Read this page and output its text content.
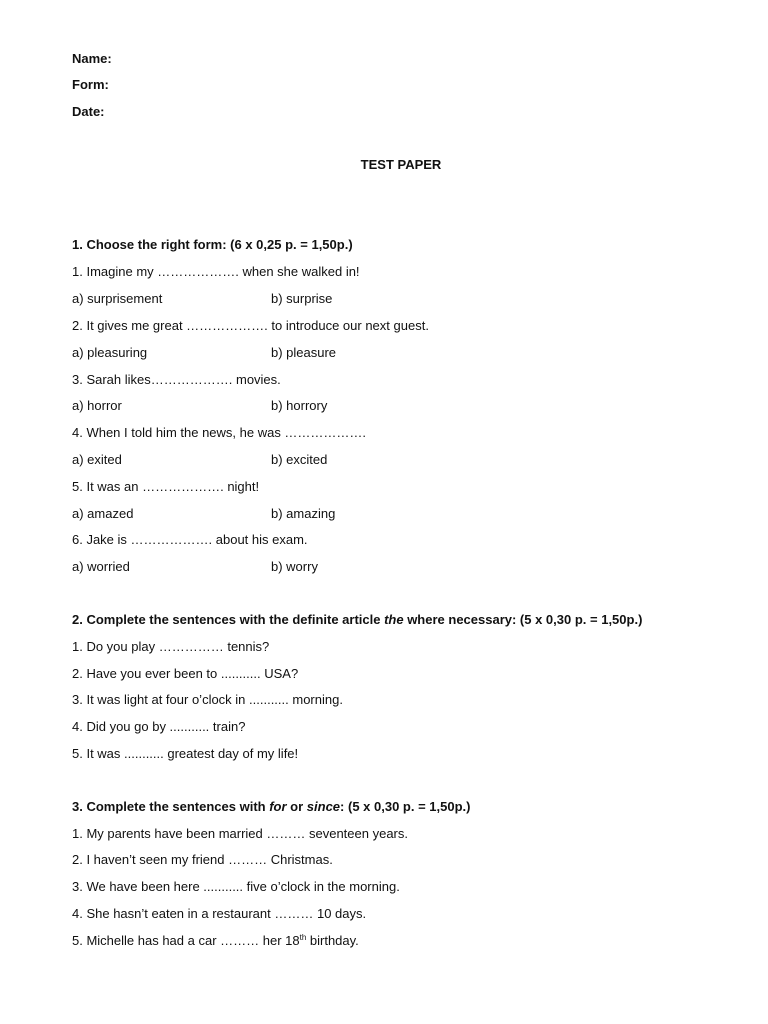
Name:
Form:
Date:
TEST PAPER
1. Choose the right form: (6 x 0,25 p. = 1,50p.)
1. Imagine my ………………. when she walked in!
a) surprisement	b) surprise
2. It gives me great ………………. to introduce our next guest.
a) pleasuring	b) pleasure
3. Sarah likes………………. movies.
a) horror	b) horrory
4. When I told him the news, he was ……………….
a) exited	b) excited
5. It was an ………………. night!
a) amazed	b) amazing
6. Jake is ………………. about his exam.
a) worried	b) worry
2. Complete the sentences with the definite article the where necessary: (5 x 0,30 p. = 1,50p.)
1. Do you play …………… tennis?
2. Have you ever been to ........... USA?
3. It was light at four o’clock in ........... morning.
4. Did you go by ........... train?
5. It was ........... greatest day of my life!
3. Complete the sentences with for or since: (5 x 0,30 p. = 1,50p.)
1. My parents have been married ……… seventeen years.
2. I haven’t seen my friend ……… Christmas.
3. We have been here ........... five o’clock in the morning.
4. She hasn’t eaten in a restaurant ……… 10 days.
5. Michelle has had a car ……… her 18th birthday.
